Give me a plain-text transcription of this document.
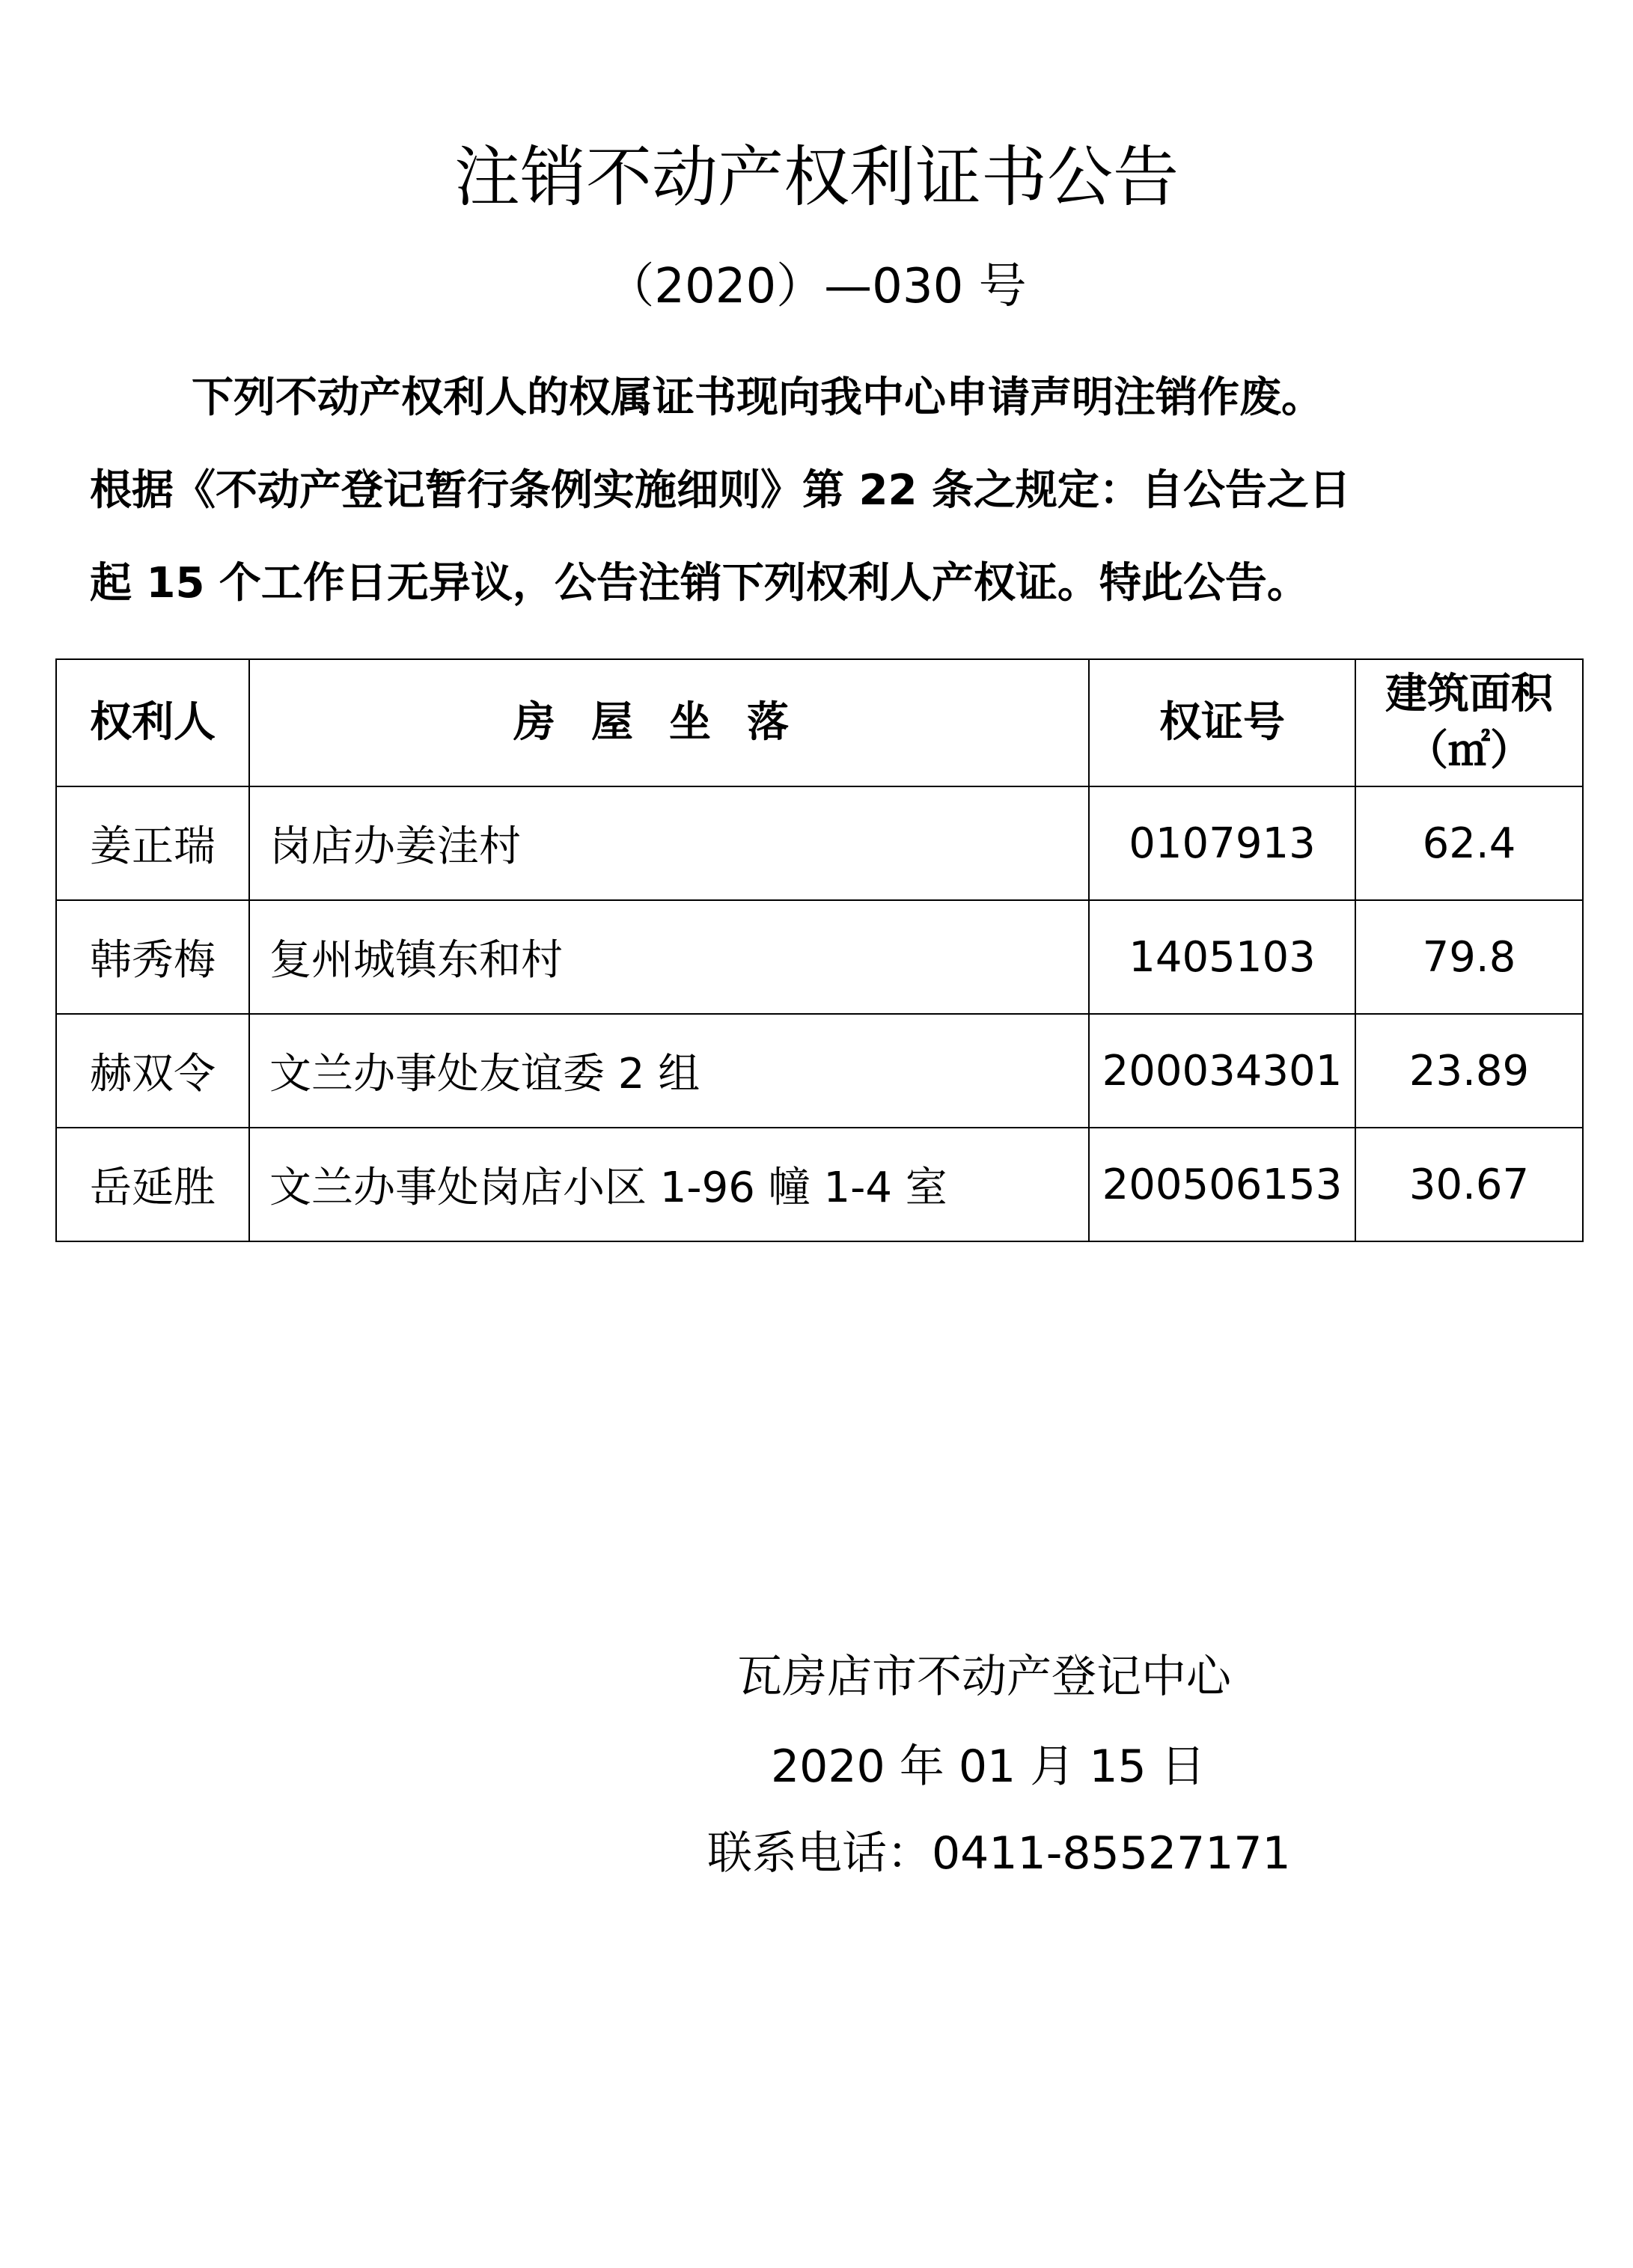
注销不动产权利证书公告
（2020）—030 号
下列不动产权利人的权属证书现向我中心申请声明注销作废。
根据《不动产登记暂行条例实施细则》第 22 条之规定：自公告之日
起 15 个工作日无异议，公告注销下列权利人产权证。特此公告。
权利人	房屋坐落	权证号	建筑面积
（㎡）

姜正瑞	岗店办姜洼村	0107913	62.4
韩秀梅	复州城镇东和村	1405103	79.8
赫双令	文兰办事处友谊委 2 组	200034301	23.89
岳延胜	文兰办事处岗店小区 1-96 幢 1-4 室	200506153	30.67
瓦房店市不动产登记中心
2020 年 01 月 15 日
联系电话：0411-85527171
